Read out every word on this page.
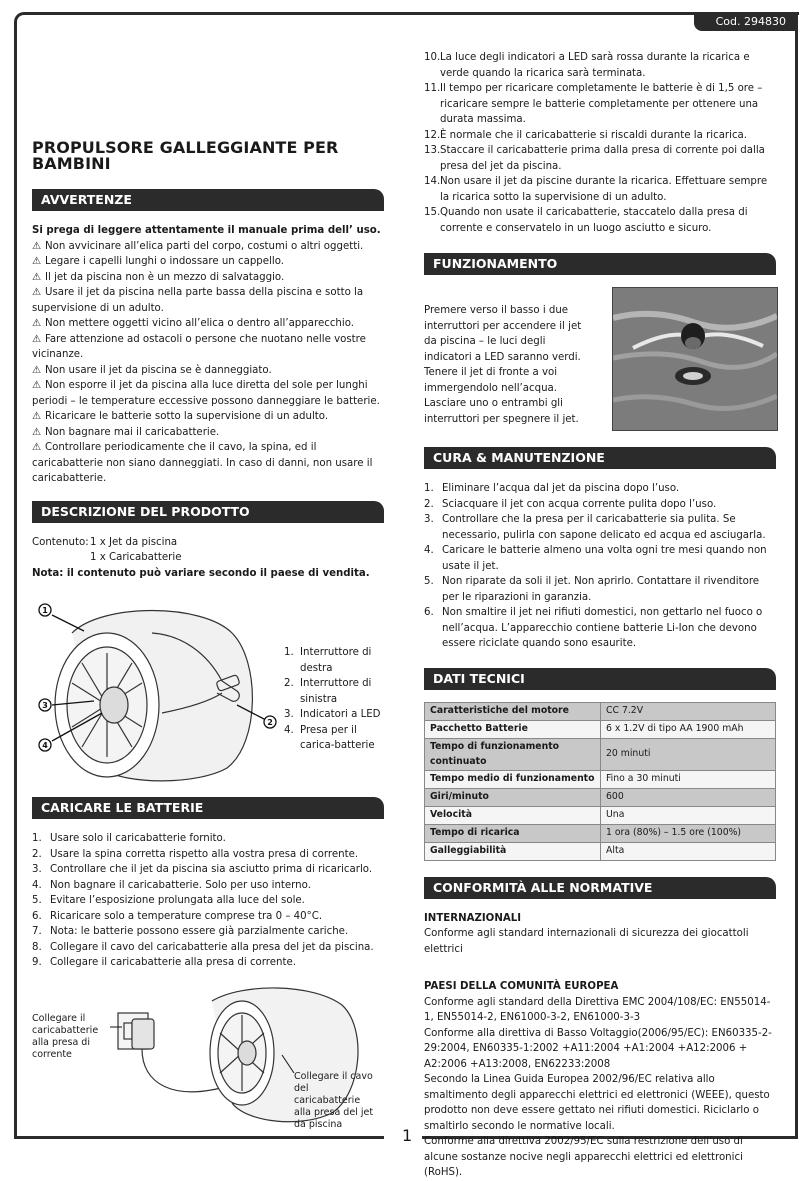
Cod. 294830
1
PROPULSORE GALLEGGIANTE PER BAMBINI
AVVERTENZE
Si prega di leggere attentamente il manuale prima dell’ uso.
⚠ Non avvicinare all’elica parti del corpo, costumi o altri oggetti.
⚠ Legare i capelli lunghi o indossare un cappello.
⚠ Il jet da piscina non è un mezzo di salvataggio.
⚠ Usare il jet da piscina nella parte bassa della piscina e sotto la supervisione di un adulto.
⚠ Non mettere oggetti vicino all’elica o dentro all’apparecchio.
⚠ Fare attenzione ad ostacoli o persone che nuotano nelle vostre vicinanze.
⚠ Non usare il jet da piscina se è danneggiato.
⚠ Non esporre il jet da piscina alla luce diretta del sole per lunghi periodi – le temperature eccessive possono danneggiare le batterie.
⚠ Ricaricare le batterie sotto la supervisione di un adulto.
⚠ Non bagnare mai il caricabatterie.
⚠ Controllare periodicamente che il cavo, la spina, ed il caricabatterie non siano danneggiati. In caso di danni, non usare il caricabatterie.
DESCRIZIONE DEL PRODOTTO
Contenuto: 1 x Jet da piscina
1 x Caricabatterie
Nota: il contenuto può variare secondo il paese di vendita.
1
2
3
4
1. Interruttore di destra
2. Interruttore di sinistra
3. Indicatori a LED
4. Presa per il carica-batterie
CARICARE LE BATTERIE
1. Usare solo il caricabatterie fornito.
2. Usare la spina corretta rispetto alla vostra presa di corrente.
3. Controllare che il jet da piscina sia asciutto prima di ricaricarlo.
4. Non bagnare il caricabatterie. Solo per uso interno.
5. Evitare l’esposizione prolungata alla luce del sole.
6. Ricaricare solo a temperature comprese tra 0 – 40°C.
7. Nota: le batterie possono essere già parzialmente cariche.
8. Collegare il cavo del caricabatterie alla presa del jet da piscina.
9. Collegare il caricabatterie alla presa di corrente.
Collegare il caricabatterie alla presa di corrente
Collegare il cavo del caricabatterie alla presa del jet da piscina
10. La luce degli indicatori a LED sarà rossa durante la ricarica e verde quando la ricarica sarà terminata.
11. Il tempo per ricaricare completamente le batterie è di 1,5 ore – ricaricare sempre le batterie completamente per ottenere una durata massima.
12. È normale che il caricabatterie si riscaldi durante la ricarica.
13. Staccare il caricabatterie prima dalla presa di corrente poi dalla presa del jet da piscina.
14. Non usare il jet da piscine durante la ricarica. Effettuare sempre la ricarica sotto la supervisione di un adulto.
15. Quando non usate il caricabatterie, staccatelo dalla presa di corrente e conservatelo in un luogo asciutto e sicuro.
FUNZIONAMENTO

Premere verso il basso i due interruttori per accendere il jet da piscina – le luci degli indicatori a LED saranno verdi.

Tenere il jet di fronte a voi immergendolo nell’acqua.

Lasciare uno o entrambi gli interruttori per spegnere il jet.

CURA & MANUTENZIONE
1. Eliminare l’acqua dal jet da piscina dopo l’uso.
2. Sciacquare il jet con acqua corrente pulita dopo l’uso.
3. Controllare che la presa per il caricabatterie sia pulita. Se necessario, pulirla con sapone delicato ed acqua ed asciugarla.
4. Caricare le batterie almeno una volta ogni tre mesi quando non usate il jet.
5. Non riparate da soli il jet. Non aprirlo. Contattare il rivenditore per le riparazioni in garanzia.
6. Non smaltire il jet nei rifiuti domestici, non gettarlo nel fuoco o nell’acqua. L’apparecchio contiene batterie Li-Ion che devono essere riciclate quando sono esaurite.
DATI TECNICI
Caratteristiche del motore	CC 7.2V
Pacchetto Batterie	6 x 1.2V di tipo AA 1900 mAh
Tempo di funzionamento continuato	20 minuti
Tempo medio di funzionamento	Fino a 30 minuti
Giri/minuto	600
Velocità	Una
Tempo di ricarica	1 ora (80%) – 1.5 ore (100%)
Galleggiabilità	Alta
CONFORMITÀ ALLE NORMATIVE
INTERNAZIONALI

Conforme agli standard internazionali di sicurezza dei giocattoli elettrici

PAESI DELLA COMUNITÀ EUROPEA

Conforme agli standard della Direttiva EMC 2004/108/EC: EN55014-1, EN55014-2, EN61000-3-2, EN61000-3-3

Conforme alla direttiva di Basso Voltaggio(2006/95/EC): EN60335-2-29:2004, EN60335-1:2002 +A11:2004 +A1:2004 +A12:2006 + A2:2006 +A13:2008, EN62233:2008

Secondo la Linea Guida Europea 2002/96/EC relativa allo smaltimento degli apparecchi elettrici ed elettronici (WEEE), questo prodotto non deve essere gettato nei rifiuti domestici. Riciclarlo o smaltirlo secondo le normative locali.

Conforme alla direttiva 2002/95/EC sulla restrizione dell’uso di alcune sostanze nocive negli apparecchi elettrici ed elettronici (RoHS).
